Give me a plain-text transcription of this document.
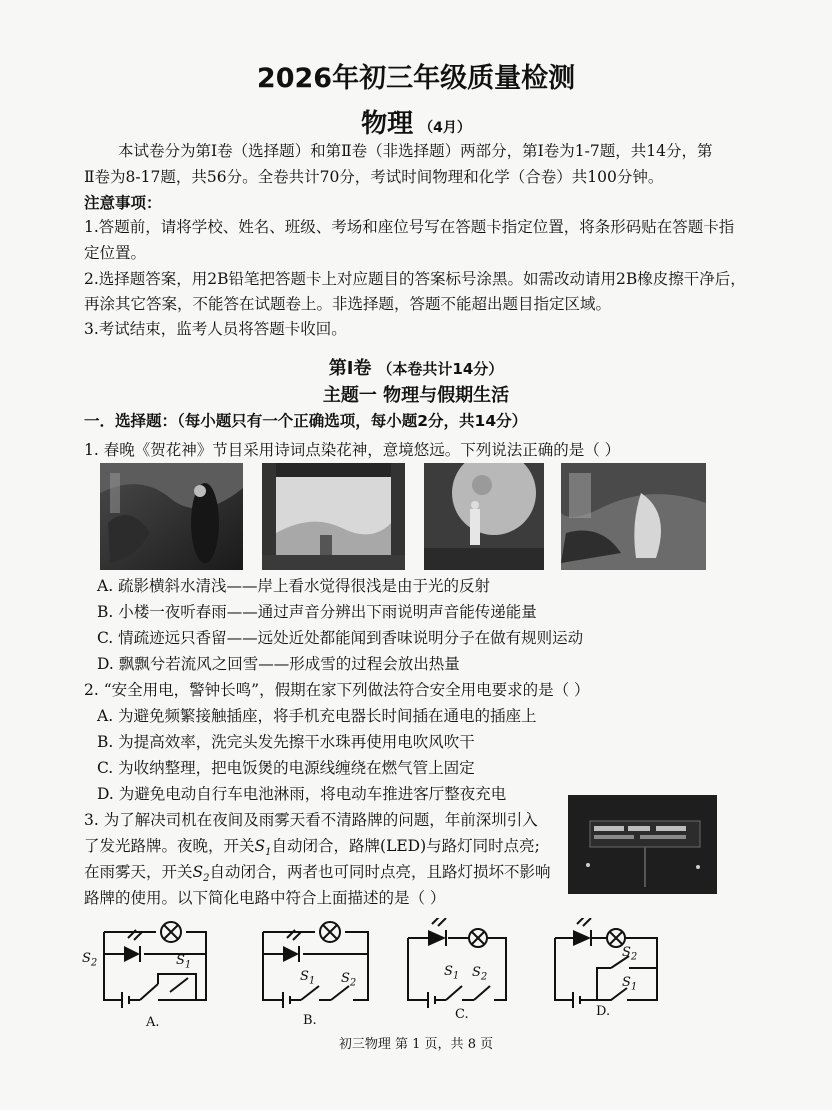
2026年初三年级质量检测
物理 （4月）
本试卷分为第Ⅰ卷（选择题）和第Ⅱ卷（非选择题）两部分，第Ⅰ卷为1-7题，共14分，第
Ⅱ卷为8-17题，共56分。全卷共计70分，考试时间物理和化学（合卷）共100分钟。
注意事项：
1.答题前，请将学校、姓名、班级、考场和座位号写在答题卡指定位置，将条形码贴在答题卡指
定位置。
2.选择题答案，用2B铅笔把答题卡上对应题目的答案标号涂黑。如需改动请用2B橡皮擦干净后，
再涂其它答案，不能答在试题卷上。非选择题，答题不能超出题目指定区域。
3.考试结束，监考人员将答题卡收回。
第Ⅰ卷 （本卷共计14分）
主题一 物理与假期生活
一．选择题：（每小题只有一个正确选项，每小题2分，共14分）
1. 春晚《贺花神》节目采用诗词点染花神，意境悠远。下列说法正确的是（ ）
A. 疏影横斜水清浅——岸上看水觉得很浅是由于光的反射
B. 小楼一夜听春雨——通过声音分辨出下雨说明声音能传递能量
C. 情疏迹远只香留——远处近处都能闻到香味说明分子在做有规则运动
D. 飘飘兮若流风之回雪——形成雪的过程会放出热量
2. “安全用电，警钟长鸣”，假期在家下列做法符合安全用电要求的是（ ）
A. 为避免频繁接触插座，将手机充电器长时间插在通电的插座上
B. 为提高效率，洗完头发先擦干水珠再使用电吹风吹干
C. 为收纳整理，把电饭煲的电源线缠绕在燃气管上固定
D. 为避免电动自行车电池淋雨，将电动车推进客厅整夜充电
3. 为了解决司机在夜间及雨雾天看不清路牌的问题，年前深圳引入
了发光路牌。夜晚，开关$S_1$自动闭合，路牌(LED)与路灯同时点亮;
在雨雾天，开关$S_2$自动闭合，两者也可同时点亮，且路灯损坏不影响
路牌的使用。以下简化电路中符合上面描述的是（ ）
$S_2$	$S_1$
A.
$S_1$ $S_2$
B.
$S_1$ $S_2$
C.
$S_2$
$S_1$
D.
初三物理 第 1 页，共 8 页
